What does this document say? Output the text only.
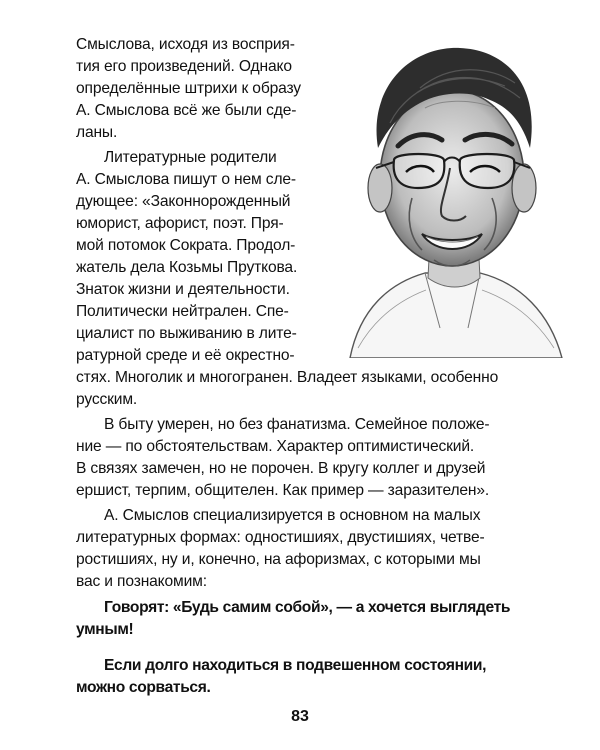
Смыслова, исходя из восприя-
тия его произведений. Однако
определённые штрихи к образу
А. Смыслова всё же были сде-
ланы.
Литературные родители
А. Смыслова пишут о нем сле-
дующее: «Законнорожденный
юморист, афорист, поэт. Пря-
мой потомок Сократа. Продол-
жатель дела Козьмы Пруткова.
Знаток жизни и деятельности.
Политически нейтрален. Спе-
циалист по выживанию в лите-
ратурной среде и её окрестно-
стях. Многолик и многогранен. Владеет языками, особенно
русским.
В быту умерен, но без фанатизма. Семейное положе-
ние — по обстоятельствам. Характер оптимистический.
В связях замечен, но не порочен. В кругу коллег и друзей
ершист, терпим, общителен. Как пример — заразителен».
А. Смыслов специализируется в основном на малых
литературных формах: одностишиях, двустишиях, четве-
ростишиях, ну и, конечно, на афоризмах, с которыми мы
вас и познакомим:
Говорят: «Будь самим собой», — а хочется выглядеть
умным!
Если долго находиться в подвешенном состоянии,
можно сорваться.
83
